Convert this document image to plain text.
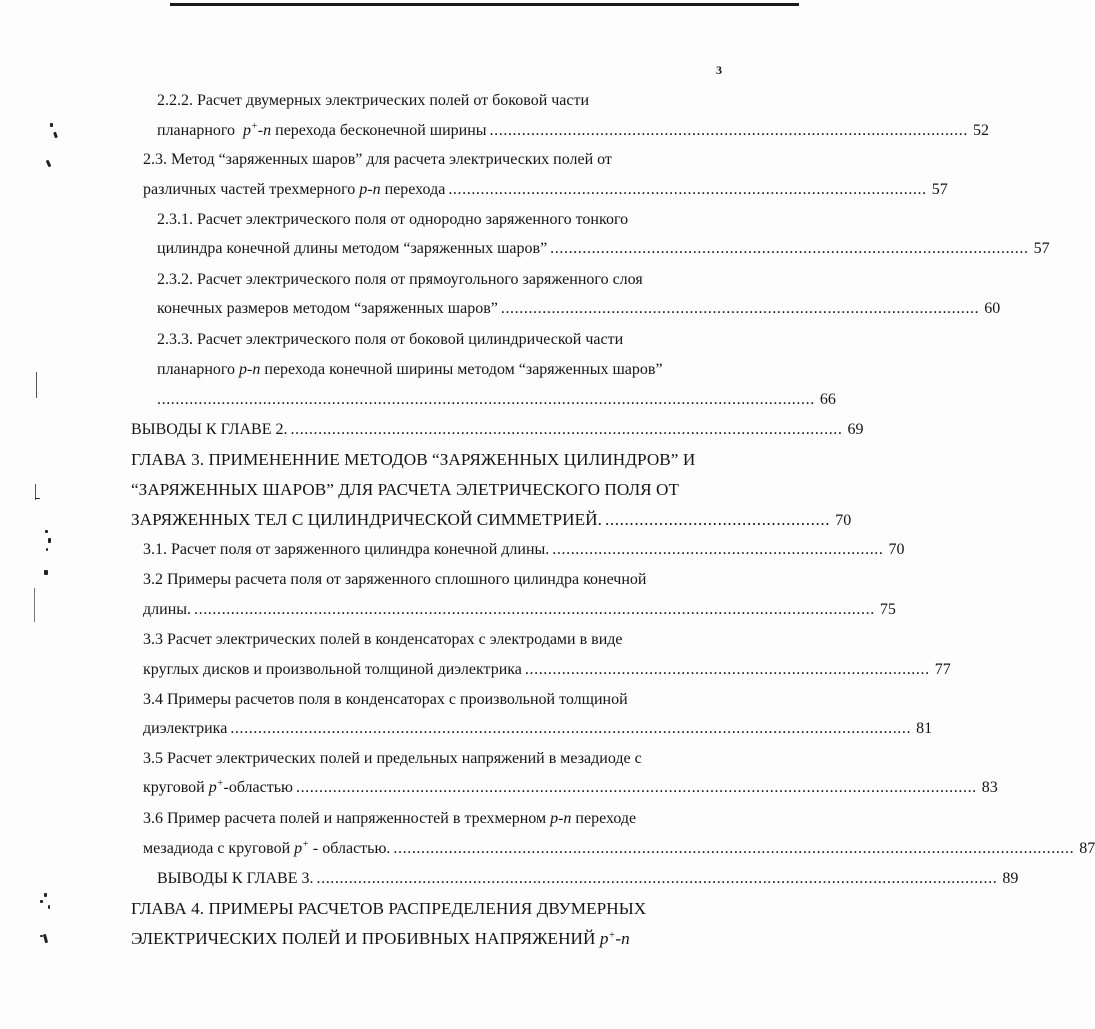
3
2.2.2. Расчет двумерных электрических полей от боковой части
планарного
p+-n
перехода бесконечной ширины ........................................................................................................ 52
2.3. Метод “заряженных шаров” для расчета электрических полей от
различных частей трехмерного
p-n
перехода ........................................................................................................ 57
2.3.1. Расчет электрического поля от однородно заряженного тонкого
цилиндра конечной длины методом “заряженных шаров” ........................................................................................................ 57
2.3.2. Расчет электрического поля от прямоугольного заряженного слоя
конечных размеров методом “заряженных шаров” ........................................................................................................ 60
2.3.3. Расчет электрического поля от боковой цилиндрической части
планарного
p-n
перехода конечной ширины методом “заряженных шаров”
............................................................................................................................................... 66
ВЫВОДЫ К ГЛАВЕ 2. ........................................................................................................................ 69
ГЛАВА 3. ПРИМЕНЕННИЕ МЕТОДОВ “ЗАРЯЖЕННЫХ ЦИЛИНДРОВ” И
“ЗАРЯЖЕННЫХ ШАРОВ” ДЛЯ РАСЧЕТА ЭЛЕТРИЧЕСКОГО ПОЛЯ ОТ
ЗАРЯЖЕННЫХ ТЕЛ С ЦИЛИНДРИЧЕСКОЙ СИММЕТРИЕЙ. .............................................. 70
3.1. Расчет поля от заряженного цилиндра конечной длины. ........................................................................ 70
3.2 Примеры расчета поля от заряженного сплошного цилиндра конечной
длины. .................................................................................................................................................... 75
3.3 Расчет электрических полей в конденсаторах с электродами в виде
круглых дисков и произвольной толщиной диэлектрика ........................................................................................ 77
3.4 Примеры расчетов поля в конденсаторах с произвольной толщиной
диэлектрика .................................................................................................................................................... 81
3.5 Расчет электрических полей и предельных напряжений в мезадиоде с
круговой
p+ -областью .................................................................................................................................................... 83
3.6 Пример расчета полей и напряженностей в трехмерном
p-n
переходе
мезадиода с круговой
p+
- областью. .................................................................................................................................................... 87
ВЫВОДЫ К ГЛАВЕ 3. .................................................................................................................................................... 89
ГЛАВА 4. ПРИМЕРЫ РАСЧЕТОВ РАСПРЕДЕЛЕНИЯ ДВУМЕРНЫХ
ЭЛЕКТРИЧЕСКИХ ПОЛЕЙ И ПРОБИВНЫХ НАПРЯЖЕНИЙ
p+-n
